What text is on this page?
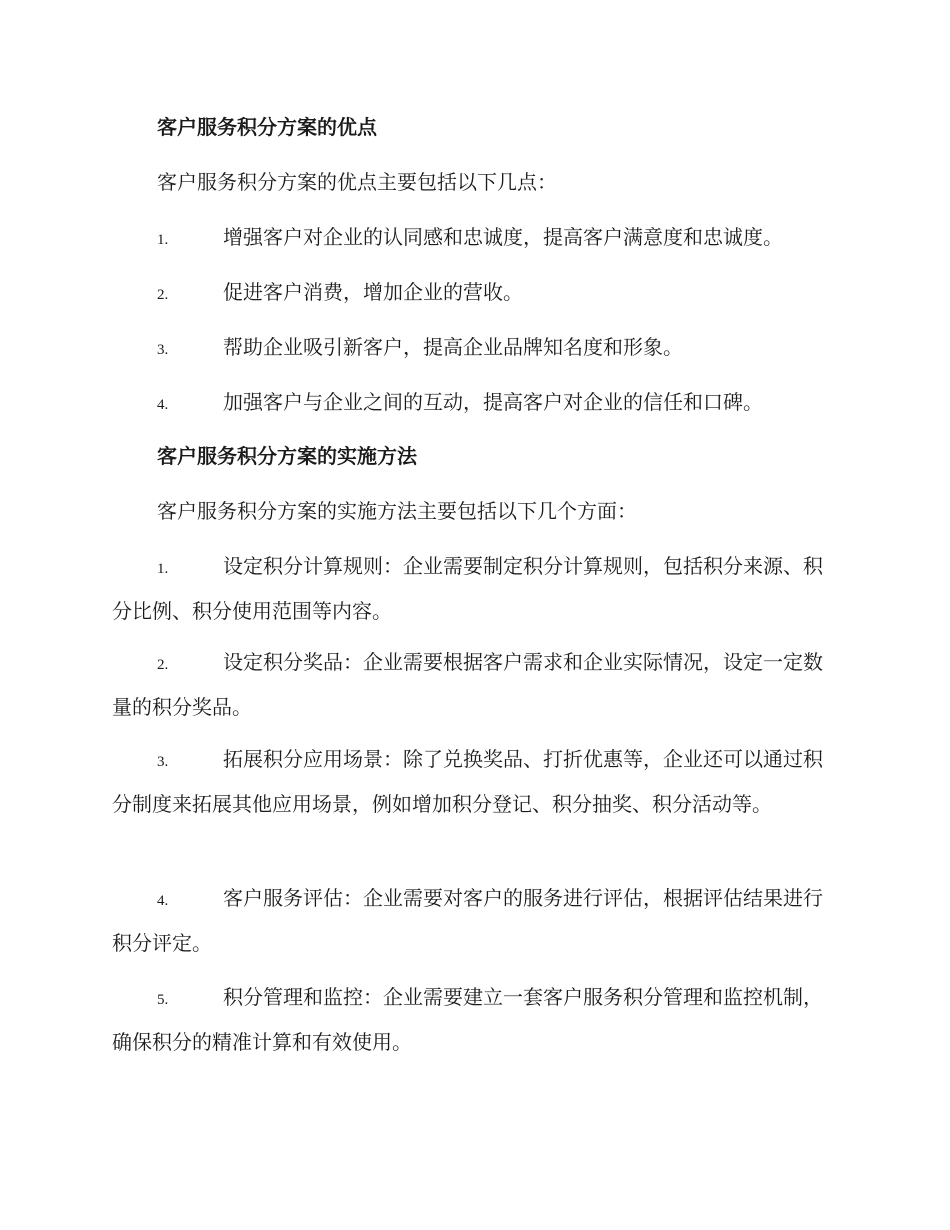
客户服务积分方案的优点
客户服务积分方案的优点主要包括以下几点：
1.	增强客户对企业的认同感和忠诚度，提高客户满意度和忠诚度。
2.	促进客户消费，增加企业的营收。
3.	帮助企业吸引新客户，提高企业品牌知名度和形象。
4.	加强客户与企业之间的互动，提高客户对企业的信任和口碑。
客户服务积分方案的实施方法
客户服务积分方案的实施方法主要包括以下几个方面：
1.	设定积分计算规则：企业需要制定积分计算规则，包括积分来源、积分比例、积分使用范围等内容。
2.	设定积分奖品：企业需要根据客户需求和企业实际情况，设定一定数量的积分奖品。
3.	拓展积分应用场景：除了兑换奖品、打折优惠等，企业还可以通过积分制度来拓展其他应用场景，例如增加积分登记、积分抽奖、积分活动等。
4.	客户服务评估：企业需要对客户的服务进行评估，根据评估结果进行积分评定。
5.	积分管理和监控：企业需要建立一套客户服务积分管理和监控机制，确保积分的精准计算和有效使用。
